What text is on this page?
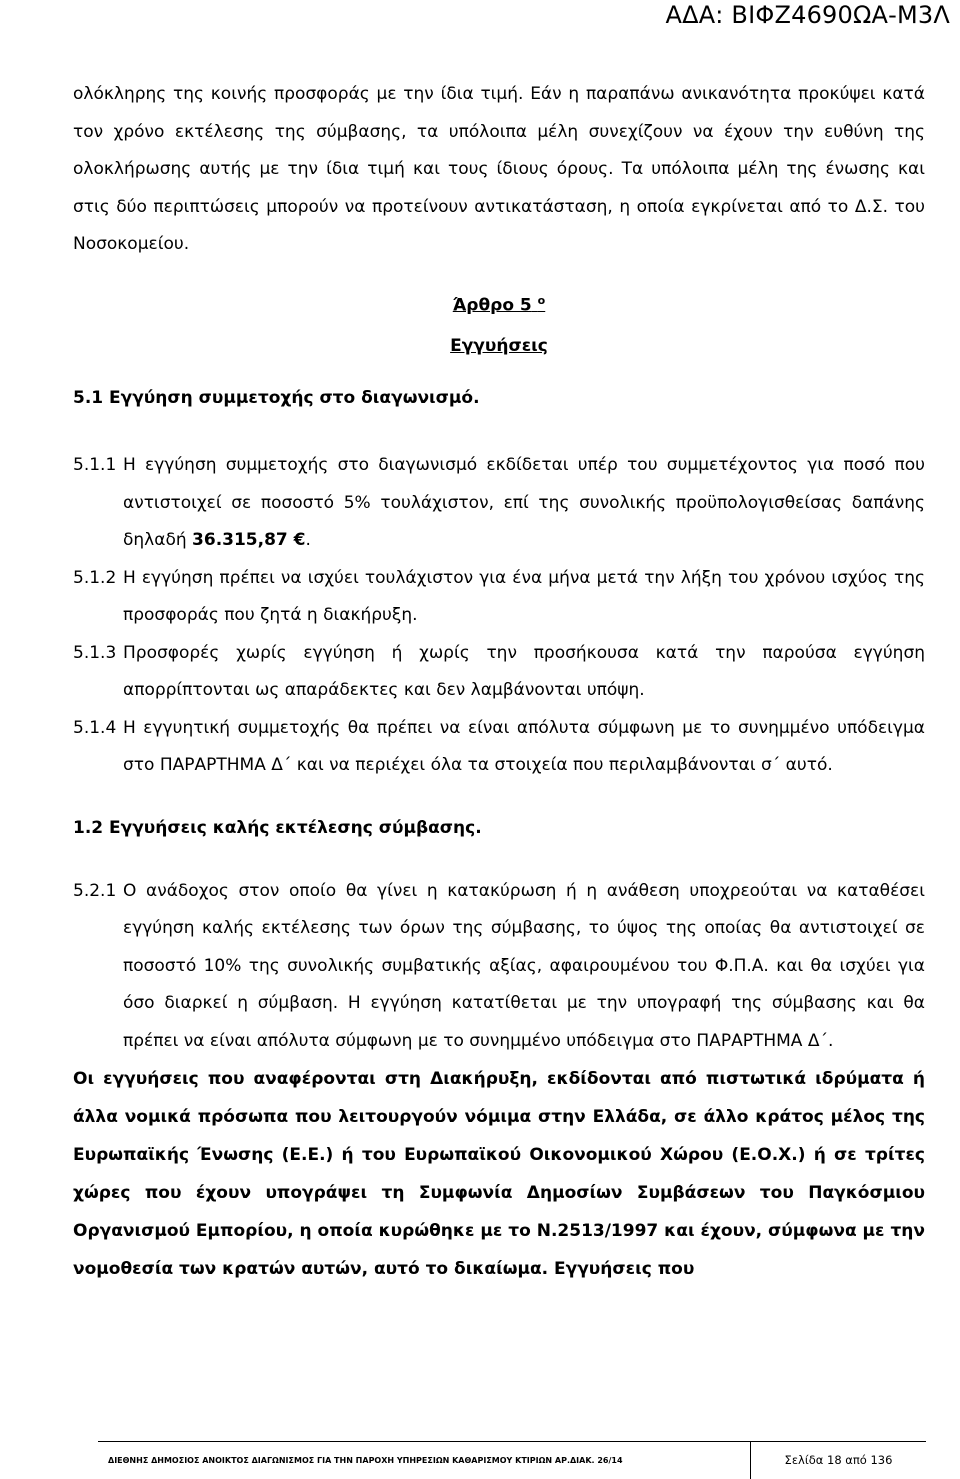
ΑΔΑ: ΒΙΦΖ4690ΩΑ-Μ3Λ

ολόκληρης της κοινής προσφοράς με την ίδια τιμή. Εάν η παραπάνω ανικανότητα προκύψει κατά τον χρόνο εκτέλεσης της σύμβασης, τα υπόλοιπα μέλη συνεχίζουν να έχουν την ευθύνη της ολοκλήρωσης αυτής με την ίδια τιμή και τους ίδιους όρους. Τα υπόλοιπα μέλη της ένωσης και στις δύο περιπτώσεις μπορούν να προτείνουν αντικατάσταση, η οποία εγκρίνεται από το Δ.Σ. του Νοσοκομείου.

Άρθρο 5 $^o$

Εγγυήσεις

5.1 Εγγύηση συμμετοχής στο διαγωνισμό.

5.1.1 Η εγγύηση συμμετοχής στο διαγωνισμό εκδίδεται υπέρ του συμμετέχοντος για ποσό που αντιστοιχεί σε ποσοστό 5% τουλάχιστον, επί της συνολικής προϋπολογισθείσας δαπάνης δηλαδή 36.315,87 €.
5.1.2 Η εγγύηση πρέπει να ισχύει τουλάχιστον για ένα μήνα μετά την λήξη του χρόνου ισχύος της προσφοράς που ζητά η διακήρυξη.
5.1.3 Προσφορές χωρίς εγγύηση ή χωρίς την προσήκουσα κατά την παρούσα εγγύηση απορρίπτονται ως απαράδεκτες και δεν λαμβάνονται υπόψη.
5.1.4 Η εγγυητική συμμετοχής θα πρέπει να είναι απόλυτα σύμφωνη με το συνημμένο υπόδειγμα στο ΠΑΡΑΡΤΗΜΑ Δ΄ και να περιέχει όλα τα στοιχεία που περιλαμβάνονται σ΄ αυτό.

1.2 Εγγυήσεις καλής εκτέλεσης σύμβασης.

5.2.1 Ο ανάδοχος στον οποίο θα γίνει η κατακύρωση ή η ανάθεση υποχρεούται να καταθέσει εγγύηση καλής εκτέλεσης των όρων της σύμβασης, το ύψος της οποίας θα αντιστοιχεί σε ποσοστό 10% της συνολικής συμβατικής αξίας, αφαιρουμένου του Φ.Π.Α. και θα ισχύει για όσο διαρκεί η σύμβαση. Η εγγύηση κατατίθεται με την υπογραφή της σύμβασης και θα πρέπει να είναι απόλυτα σύμφωνη με το συνημμένο υπόδειγμα στο ΠΑΡΑΡΤΗΜΑ Δ΄.

Οι εγγυήσεις που αναφέρονται στη Διακήρυξη, εκδίδονται από πιστωτικά ιδρύματα ή άλλα νομικά πρόσωπα που λειτουργούν νόμιμα στην Ελλάδα, σε άλλο κράτος μέλος της Ευρωπαϊκής Ένωσης (Ε.Ε.) ή του Ευρωπαϊκού Οικονομικού Χώρου (Ε.Ο.Χ.) ή σε τρίτες χώρες που έχουν υπογράψει τη Συμφωνία Δημοσίων Συμβάσεων του Παγκόσμιου Οργανισμού Εμπορίου, η οποία κυρώθηκε με το Ν.2513/1997 και έχουν, σύμφωνα με την νομοθεσία των κρατών αυτών, αυτό το δικαίωμα. Εγγυήσεις που

ΔΙΕΘΝΗΣ ΔΗΜΟΣΙΟΣ ΑΝΟΙΚΤΟΣ ΔΙΑΓΩΝΙΣΜΟΣ ΓΙΑ ΤΗΝ ΠΑΡΟΧΗ ΥΠΗΡΕΣΙΩΝ ΚΑΘΑΡΙΣΜΟΥ ΚΤΙΡΙΩΝ ΑΡ.ΔΙΑΚ. 26/14	Σελίδα 18 από 136
